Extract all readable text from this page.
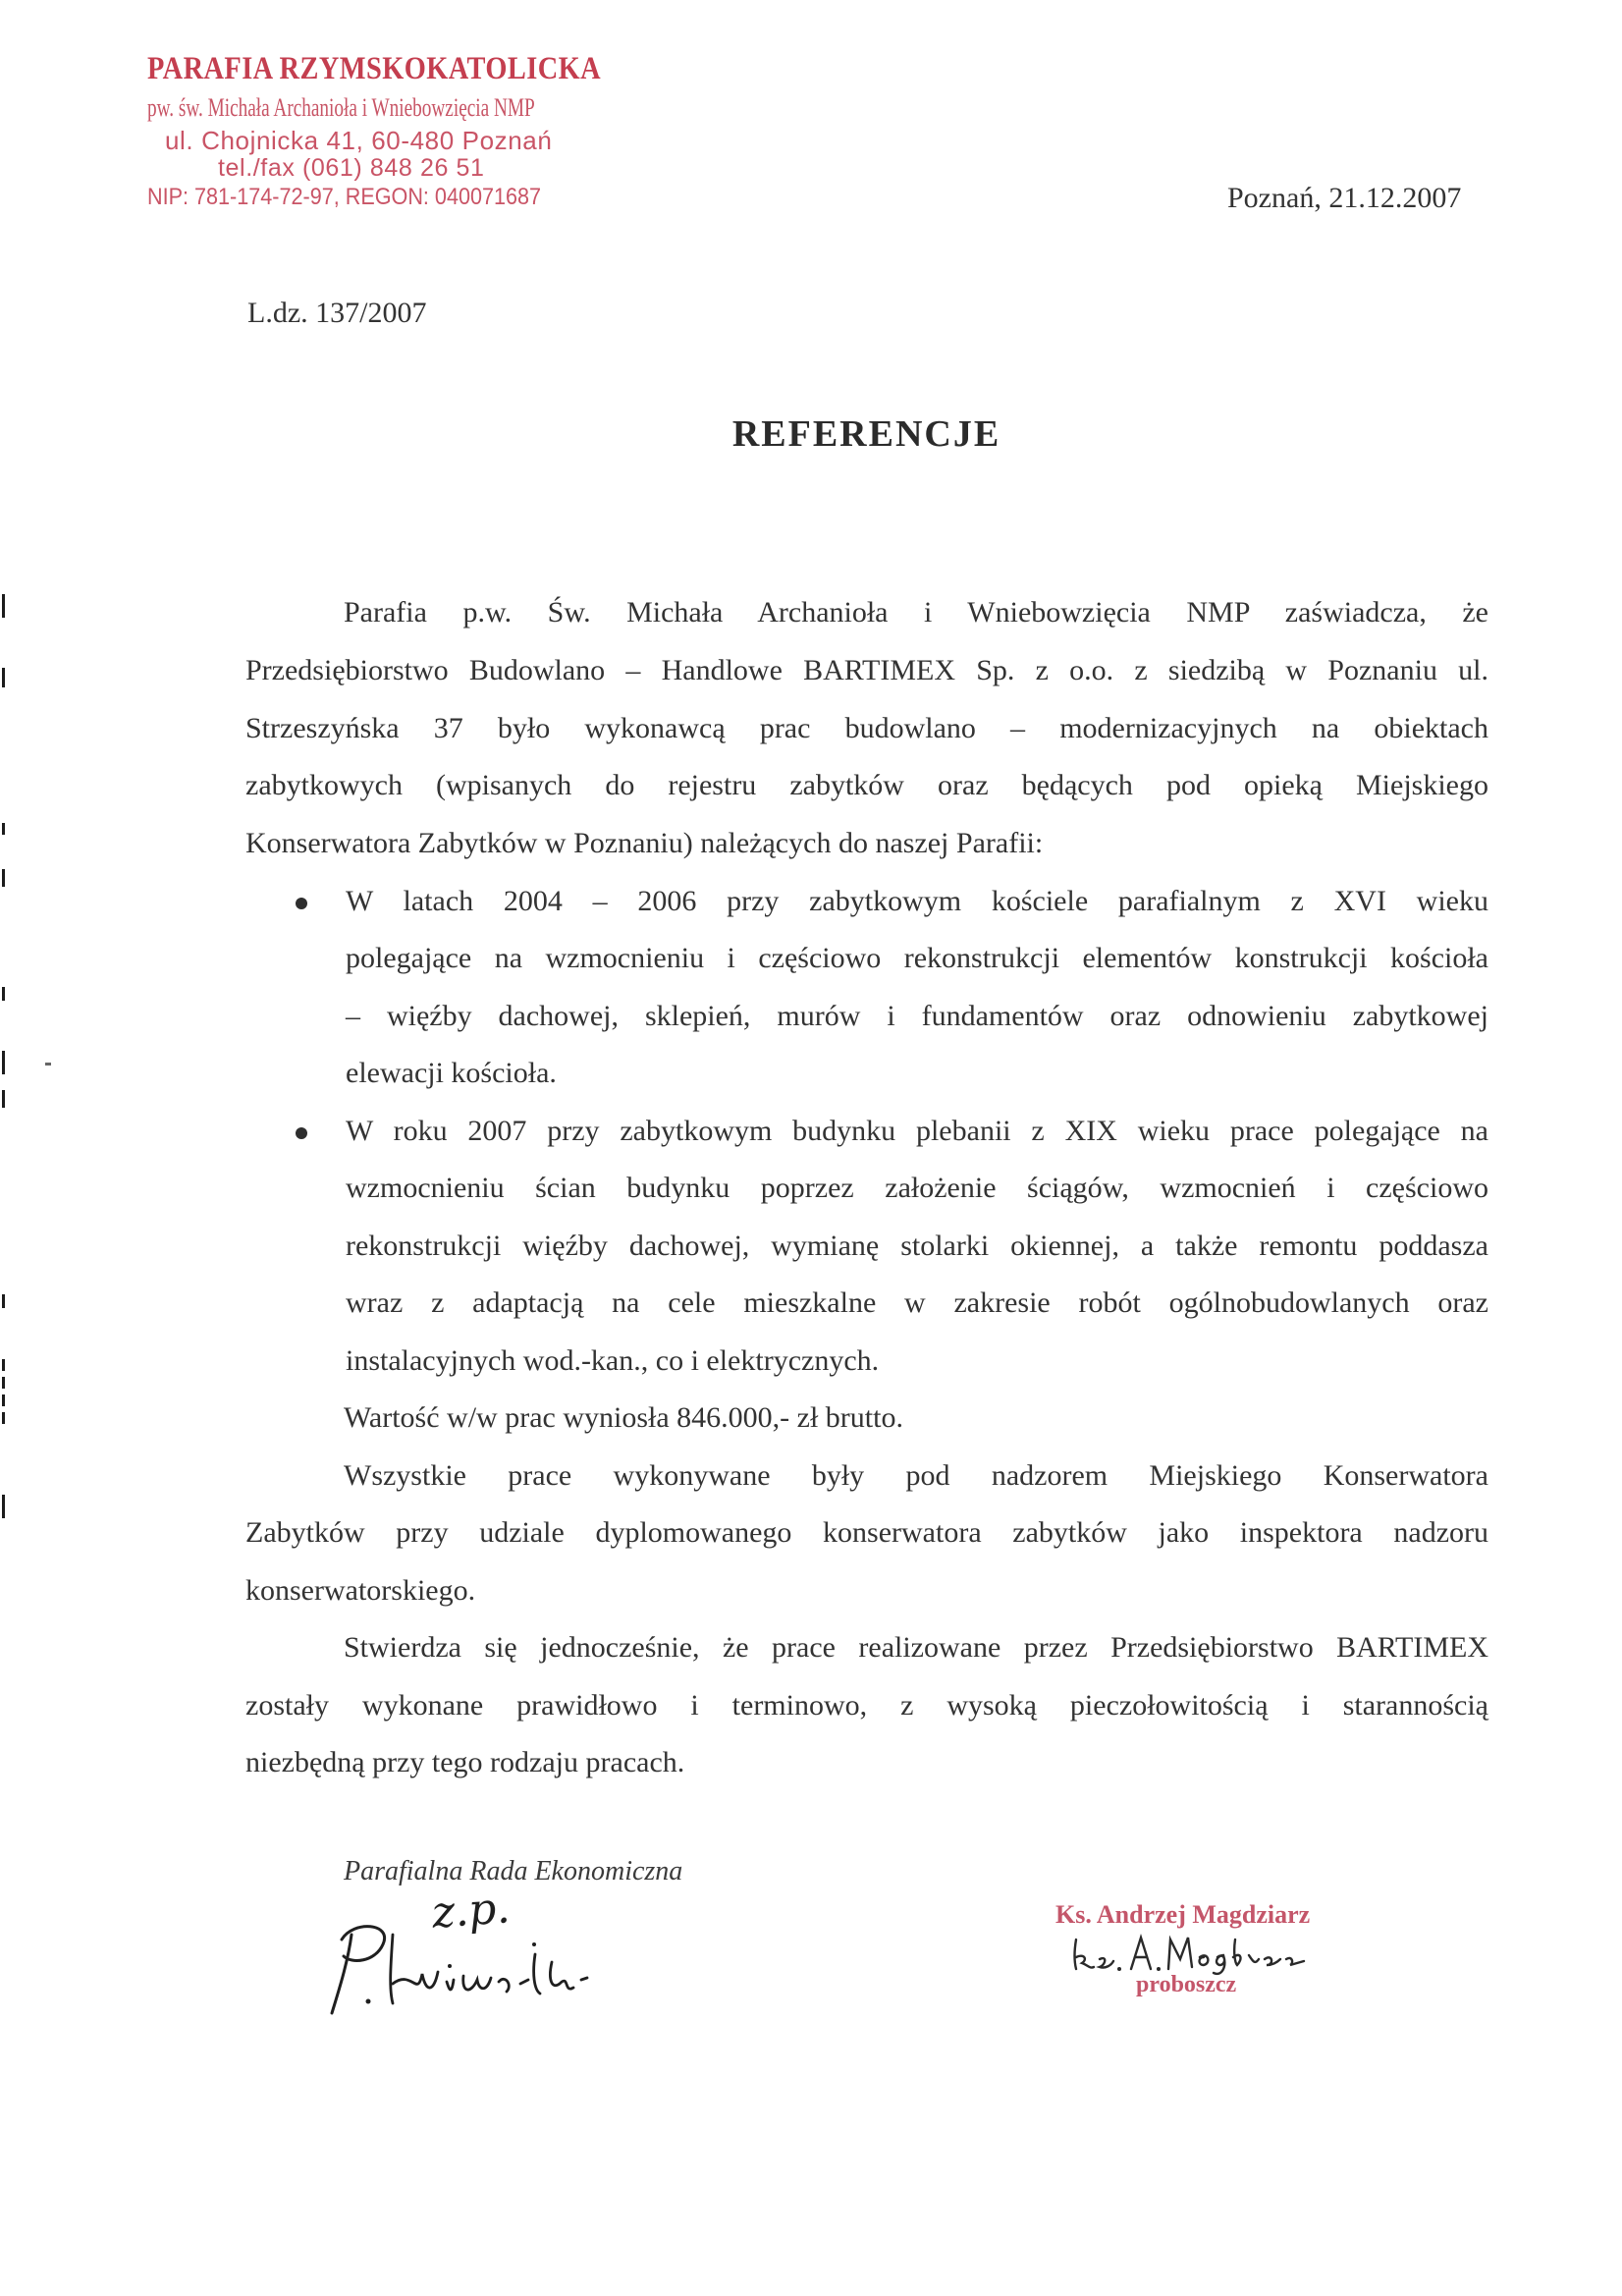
PARAFIA RZYMSKOKATOLICKA
pw. św. Michała Archanioła i Wniebowzięcia NMP
ul. Chojnicka 41, 60-480 Poznań
tel./fax (061) 848 26 51
NIP: 781-174-72-97, REGON: 040071687	Poznań, 21.12.2007
L.dz. 137/2007
REFERENCJE
Parafia p.w. Św. Michała Archanioła i Wniebowzięcia NMP zaświadcza, że
Przedsiębiorstwo Budowlano – Handlowe BARTIMEX Sp. z o.o. z siedzibą w Poznaniu ul.
Strzeszyńska 37 było wykonawcą prac budowlano – modernizacyjnych na obiektach
zabytkowych (wpisanych do rejestru zabytków oraz będących pod opieką Miejskiego
Konserwatora Zabytków w Poznaniu) należących do naszej Parafii:
W latach 2004 – 2006 przy zabytkowym kościele parafialnym z XVI wieku
polegające na wzmocnieniu i częściowo rekonstrukcji elementów konstrukcji kościoła
– więźby dachowej, sklepień, murów i fundamentów oraz odnowieniu zabytkowej
elewacji kościoła.
W roku 2007 przy zabytkowym budynku plebanii z XIX wieku prace polegające na
wzmocnieniu ścian budynku poprzez założenie ściągów, wzmocnień i częściowo
rekonstrukcji więźby dachowej, wymianę stolarki okiennej, a także remontu poddasza
wraz z adaptacją na cele mieszkalne w zakresie robót ogólnobudowlanych oraz
instalacyjnych wod.-kan., co i elektrycznych.
Wartość w/w prac wyniosła 846.000,- zł brutto.
Wszystkie prace wykonywane były pod nadzorem Miejskiego Konserwatora
Zabytków przy udziale dyplomowanego konserwatora zabytków jako inspektora nadzoru
konserwatorskiego.
Stwierdza się jednocześnie, że prace realizowane przez Przedsiębiorstwo BARTIMEX
zostały wykonane prawidłowo i terminowo, z wysoką pieczołowitością i starannością
niezbędną przy tego rodzaju pracach.
Parafialna Rada Ekonomiczna
z.p.	Ks. Andrzej Magdziarz
proboszcz
